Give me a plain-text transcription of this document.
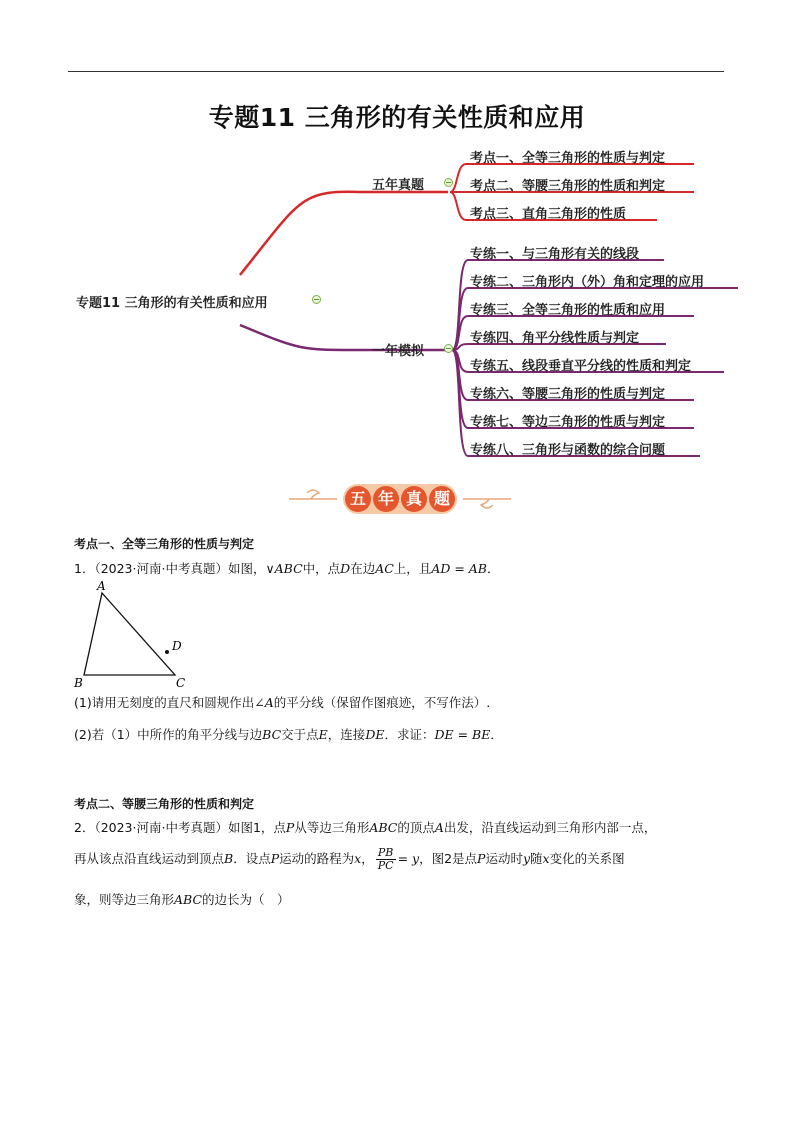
专题11 三角形的有关性质和应用
专题11 三角形的有关性质和应用
五年真题
一年模拟
考点一、全等三角形的性质与判定
考点二、等腰三角形的性质和判定
考点三、直角三角形的性质
专练一、与三角形有关的线段
专练二、三角形内（外）角和定理的应用
专练三、全等三角形的性质和应用
专练四、角平分线性质与判定
专练五、线段垂直平分线的性质和判定
专练六、等腰三角形的性质与判定
专练七、等边三角形的性质与判定
专练八、三角形与函数的综合问题
五 年 真 题
考点一、全等三角形的性质与判定
1．（2023·河南·中考真题）如图，∨ABC中，点D在边AC上，且AD = AB．
A
B	C
D
(1)请用无刻度的直尺和圆规作出∠A的平分线（保留作图痕迹，不写作法）.
(2)若（1）中所作的角平分线与边BC交于点E，连接DE．求证：DE = BE．
考点二、等腰三角形的性质和判定
2．（2023·河南·中考真题）如图1，点P从等边三角形ABC的顶点A出发，沿直线运动到三角形内部一点，
再从该点沿直线运动到顶点B．设点P运动的路程为x， $\frac{PB}{PC} = y$，图2是点P运动时y随x变化的关系图
象，则等边三角形ABC的边长为（　）
